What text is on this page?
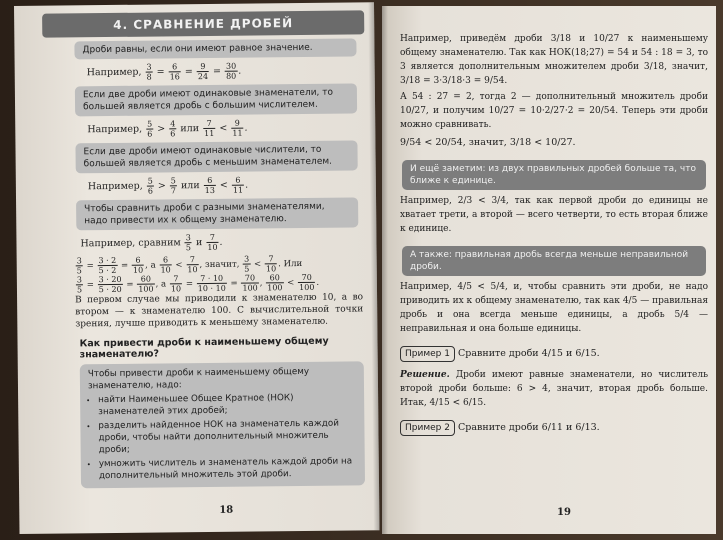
4. СРАВНЕНИЕ ДРОБЕЙ
Дроби равны, если они имеют равное значение.
Например, $\frac{3}{8} = \frac{6}{16} = \frac{9}{24} = \frac{30}{80}$ .
Если две дроби имеют одинаковые знаменатели, то большей является дробь с большим числителем.
Например, $\frac{5}{6} > \frac{4}{6}$ или $\frac{7}{11} < \frac{9}{11}$ .
Если две дроби имеют одинаковые числители, то большей является дробь с меньшим знаменателем.
Например, $\frac{5}{6} > \frac{5}{7}$ или $\frac{6}{13} < \frac{6}{11}$ .
Чтобы сравнить дроби с разными знаменателями, надо привести их к общему знаменателю.
Например, сравним $\frac{3}{5}$ и $\frac{7}{10}$ .
$\frac{3}{5} = \frac{3 \cdot 2}{5 \cdot 2} = \frac{6}{10}$ , а $\frac{6}{10} < \frac{7}{10}$ , значит, $\frac{3}{5} < \frac{7}{10}$ . Или
$\frac{3}{5} = \frac{3 \cdot 20}{5 \cdot 20} = \frac{60}{100}$ , а $\frac{7}{10} = \frac{7 \cdot 10}{10 \cdot 10} = \frac{70}{100}$ , $\frac{60}{100} < \frac{70}{100}$ .
В первом случае мы приводили к знаменателю 10, а во втором — к знаменателю 100. С вычислительной точки зрения, лучше приводить к меньшему знаменателю.
Как привести дроби к наименьшему общему знаменателю?
Чтобы привести дроби к наименьшему общему знаменателю, надо:
• найти Наименьшее Общее Кратное (НОК) знаменателей этих дробей;
• разделить найденное НОК на знаменатель каждой дроби, чтобы найти дополнительный множитель дроби;
• умножить числитель и знаменатель каждой дроби на дополнительный множитель этой дроби.
18
Например, приведём дроби 3/18 и 10/27 к наименьшему общему знаменателю. Так как НОК(18;27) = 54 и 54 : 18 = 3, то 3 является дополнительным множителем дроби 3/18, значит, 3/18 = 3·3/18·3 = 9/54.
А 54 : 27 = 2, тогда 2 — дополнительный множитель дроби 10/27, и получим 10/27 = 10·2/27·2 = 20/54. Теперь эти дроби можно сравнивать.
9/54 < 20/54, значит, 3/18 < 10/27.
И ещё заметим: из двух правильных дробей больше та, что ближе к единице.
Например, 2/3 < 3/4, так как первой дроби до единицы не хватает трети, а второй — всего четверти, то есть вторая ближе к единице.
А также: правильная дробь всегда меньше неправильной дроби.
Например, 4/5 < 5/4, и, чтобы сравнить эти дроби, не надо приводить их к общему знаменателю, так как 4/5 — правильная дробь и она всегда меньше единицы, а дробь 5/4 — неправильная и она больше единицы.
Пример 1 Сравните дроби 4/15 и 6/15.
Решение. Дроби имеют равные знаменатели, но числитель второй дроби больше: 6 > 4, значит, вторая дробь больше. Итак, 4/15 < 6/15.
Пример 2 Сравните дроби 6/11 и 6/13.
19
